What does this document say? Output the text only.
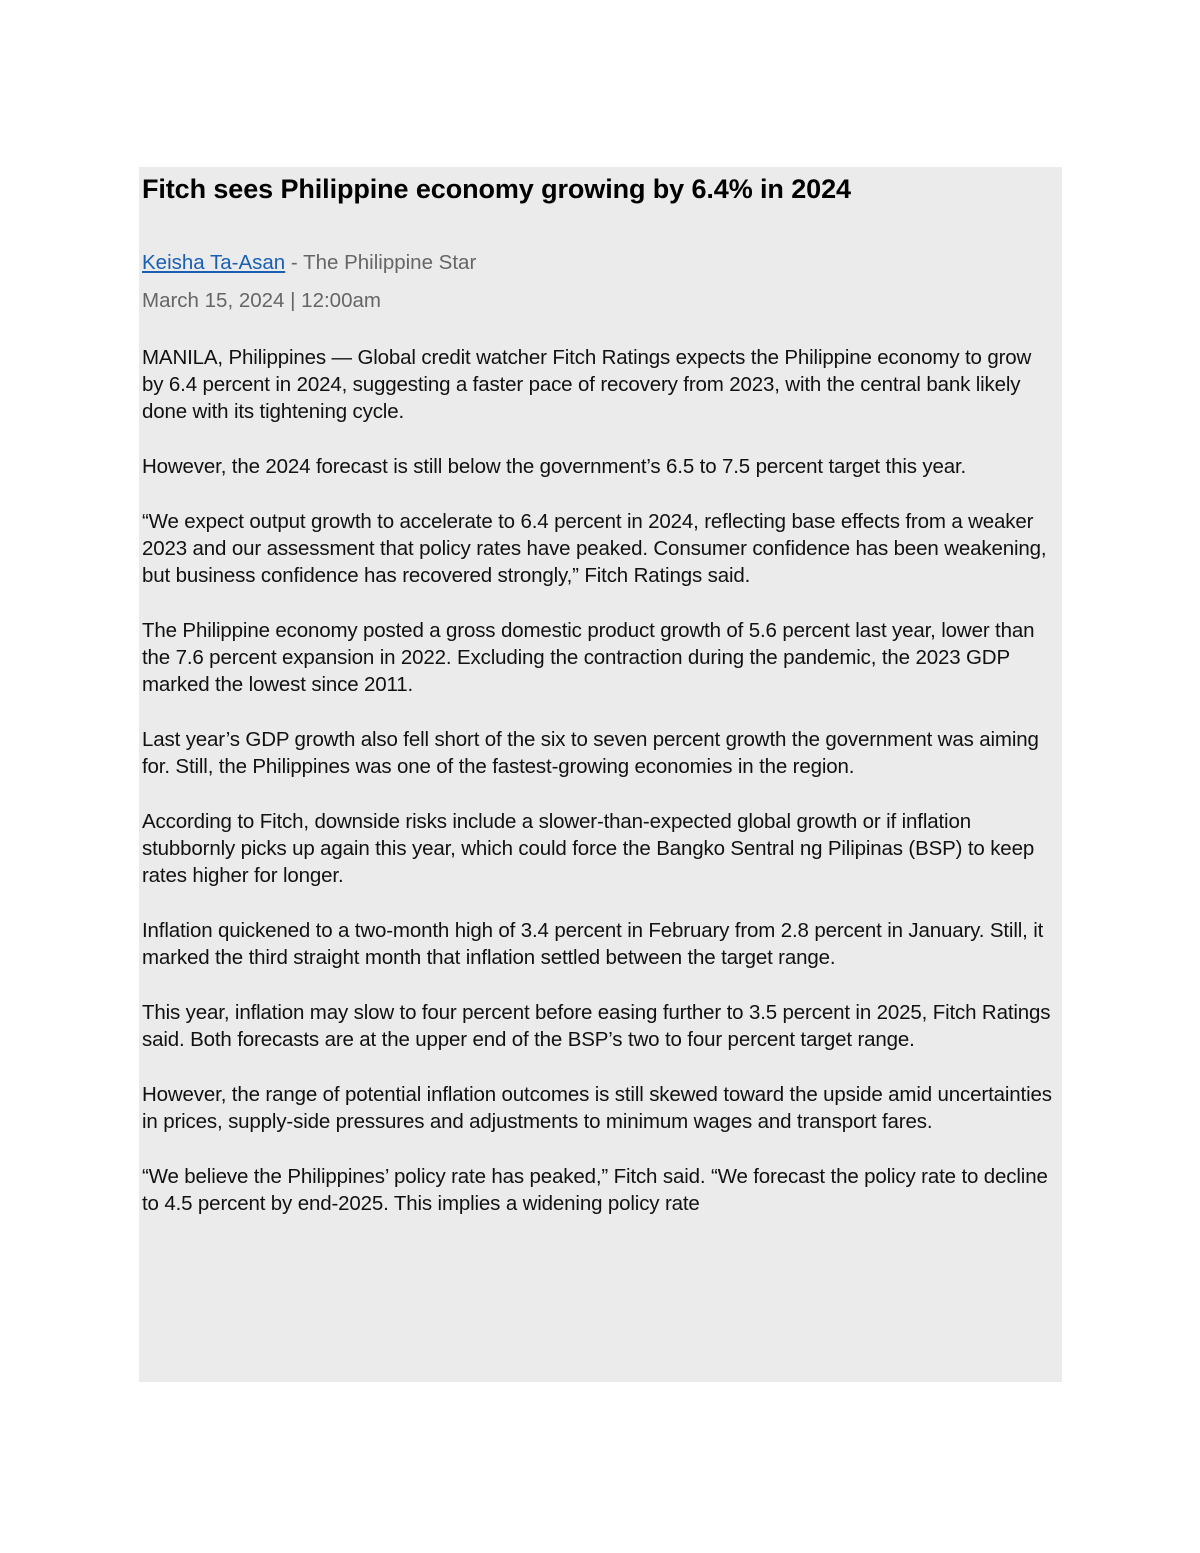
Fitch sees Philippine economy growing by 6.4% in 2024

Keisha Ta-Asan - The Philippine Star

March 15, 2024 | 12:00am

MANILA, Philippines — Global credit watcher Fitch Ratings expects the Philippine economy to grow by 6.4 percent in 2024, suggesting a faster pace of recovery from 2023, with the central bank likely done with its tightening cycle.

However, the 2024 forecast is still below the government’s 6.5 to 7.5 percent target this year.

“We expect output growth to accelerate to 6.4 percent in 2024, reflecting base effects from a weaker 2023 and our assessment that policy rates have peaked. Consumer confidence has been weakening, but business confidence has recovered strongly,” Fitch Ratings said.

The Philippine economy posted a gross domestic product growth of 5.6 percent last year, lower than the 7.6 percent expansion in 2022. Excluding the contraction during the pandemic, the 2023 GDP marked the lowest since 2011.

Last year’s GDP growth also fell short of the six to seven percent growth the government was aiming for. Still, the Philippines was one of the fastest-growing economies in the region.

According to Fitch, downside risks include a slower-than-expected global growth or if inflation stubbornly picks up again this year, which could force the Bangko Sentral ng Pilipinas (BSP) to keep rates higher for longer.

Inflation quickened to a two-month high of 3.4 percent in February from 2.8 percent in January. Still, it marked the third straight month that inflation settled between the target range.

This year, inflation may slow to four percent before easing further to 3.5 percent in 2025, Fitch Ratings said. Both forecasts are at the upper end of the BSP’s two to four percent target range.

However, the range of potential inflation outcomes is still skewed toward the upside amid uncertainties in prices, supply-side pressures and adjustments to minimum wages and transport fares.

“We believe the Philippines’ policy rate has peaked,” Fitch said. “We forecast the policy rate to decline to 4.5 percent by end-2025. This implies a widening policy rate
